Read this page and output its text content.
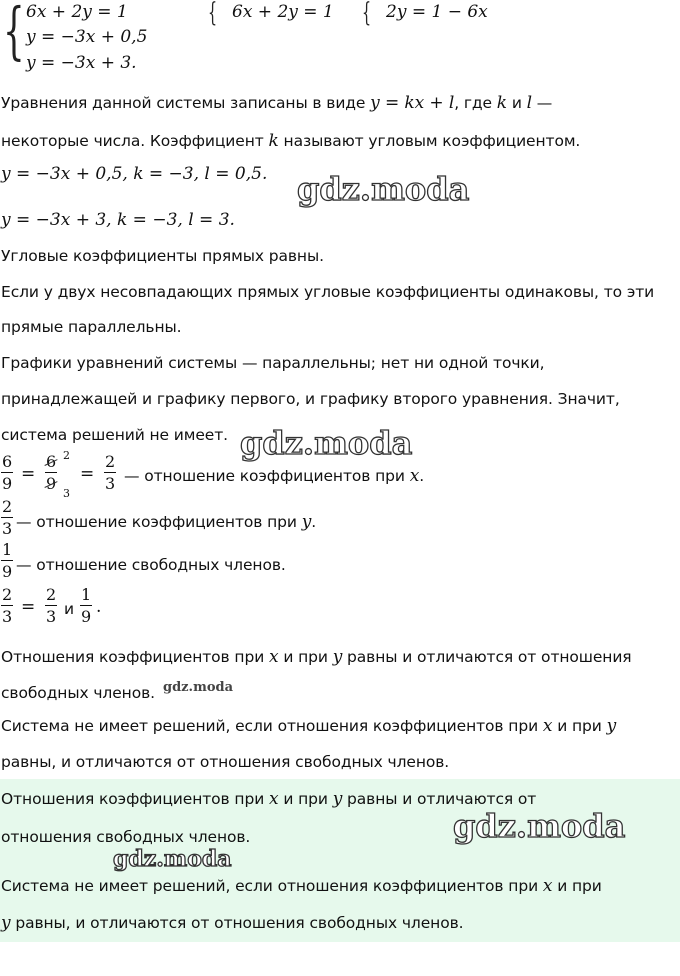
{ 6x + 2y = 1
y = −3x + 0,5
y = −3x + 3.
{ 6x + 2y = 1 { 2y = 1 − 6x
Уравнения данной системы записаны в виде y = kx + l, где k и l —
некоторые числа. Коэффициент k называют угловым коэффициентом.
y = −3x + 0,5, k = −3, l = 0,5.
y = −3x + 3, k = −3, l = 3.
Угловые коэффициенты прямых равны.
Если у двух несовпадающих прямых угловые коэффициенты одинаковы, то эти
прямые параллельны.
Графики уравнений системы — параллельны; нет ни одной точки,
принадлежащей и графику первого, и графику второго уравнения. Значит,
система решений не имеет.
6
9 =
6
9
2
3
=
2
3 — отношение коэффициентов при x.
2
3 — отношение коэффициентов при y.
1
9 — отношение свободных членов.
2
3 =
2
3 и
1
9 .
Отношения коэффициентов при x и при y равны и отличаются от отношения
свободных членов.
Система не имеет решений, если отношения коэффициентов при x и при y
равны, и отличаются от отношения свободных членов.
Отношения коэффициентов при x и при y равны и отличаются от
отношения свободных членов.
Система не имеет решений, если отношения коэффициентов при x и при
y равны, и отличаются от отношения свободных членов.
gdz.moda
gdz.moda
gdz.moda
gdz.moda
gdz.moda
